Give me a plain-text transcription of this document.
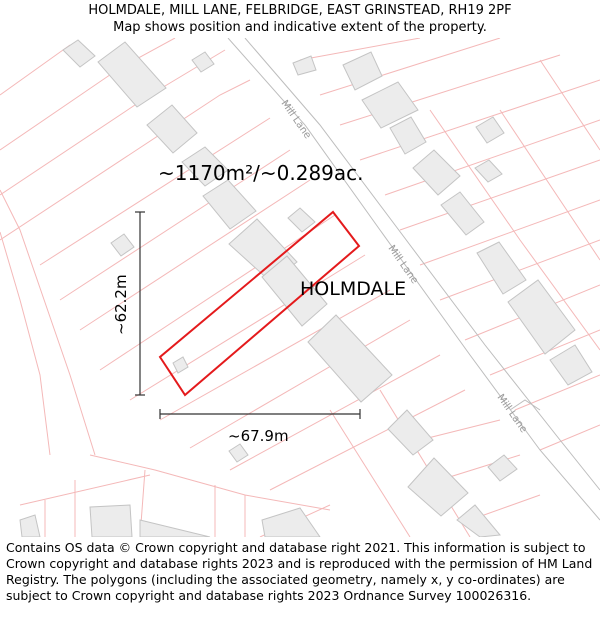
HOLMDALE, MILL LANE, FELBRIDGE, EAST GRINSTEAD, RH19 2PF
Map shows position and indicative extent of the property.
Mill Lane
Mill Lane
Mill Lane
~1170m²/~0.289ac.
HOLMDALE
~62.2m
~67.9m
Contains OS data © Crown copyright and database right 2021. This information is subject to Crown copyright and database rights 2023 and is reproduced with the permission of HM Land Registry. The polygons (including the associated geometry, namely x, y co-ordinates) are subject to Crown copyright and database rights 2023 Ordnance Survey 100026316.
